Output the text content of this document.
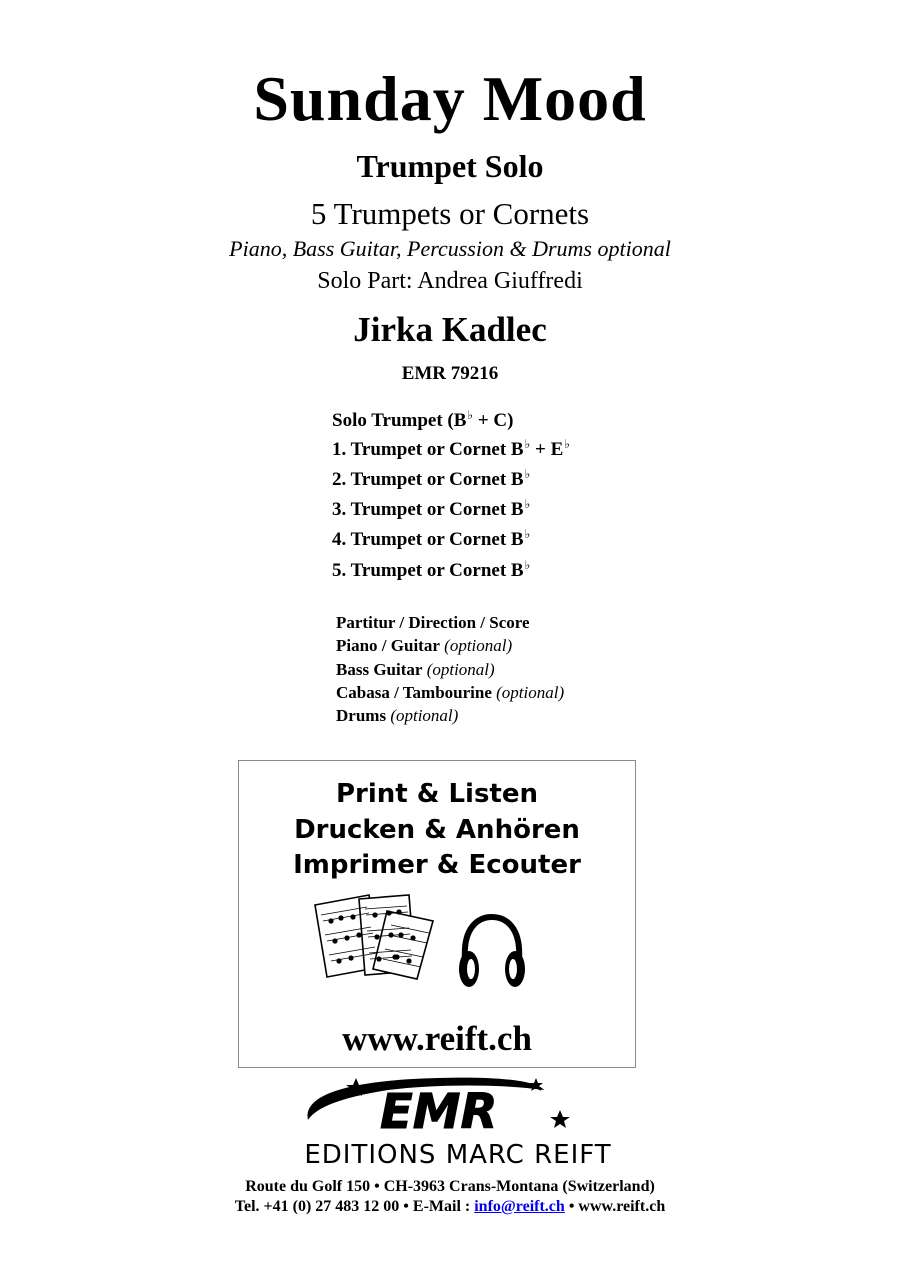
Sunday Mood
Trumpet Solo
5 Trumpets or Cornets
Piano, Bass Guitar, Percussion & Drums optional
Solo Part: Andrea Giuffredi
Jirka Kadlec
EMR 79216
Solo Trumpet (B♭ + C)
1. Trumpet or Cornet B♭ + E♭
2. Trumpet or Cornet B♭
3. Trumpet or Cornet B♭
4. Trumpet or Cornet B♭
5. Trumpet or Cornet B♭
Partitur / Direction / Score
Piano / Guitar (optional)
Bass Guitar (optional)
Cabasa / Tambourine (optional)
Drums (optional)
Print & Listen
Drucken & Anhören
Imprimer & Ecouter
www.reift.ch
EMR
EDITIONS MARC REIFT
Route du Golf 150 • CH-3963 Crans-Montana (Switzerland)
Tel. +41 (0) 27 483 12 00 • E-Mail : info@reift.ch • www.reift.ch
